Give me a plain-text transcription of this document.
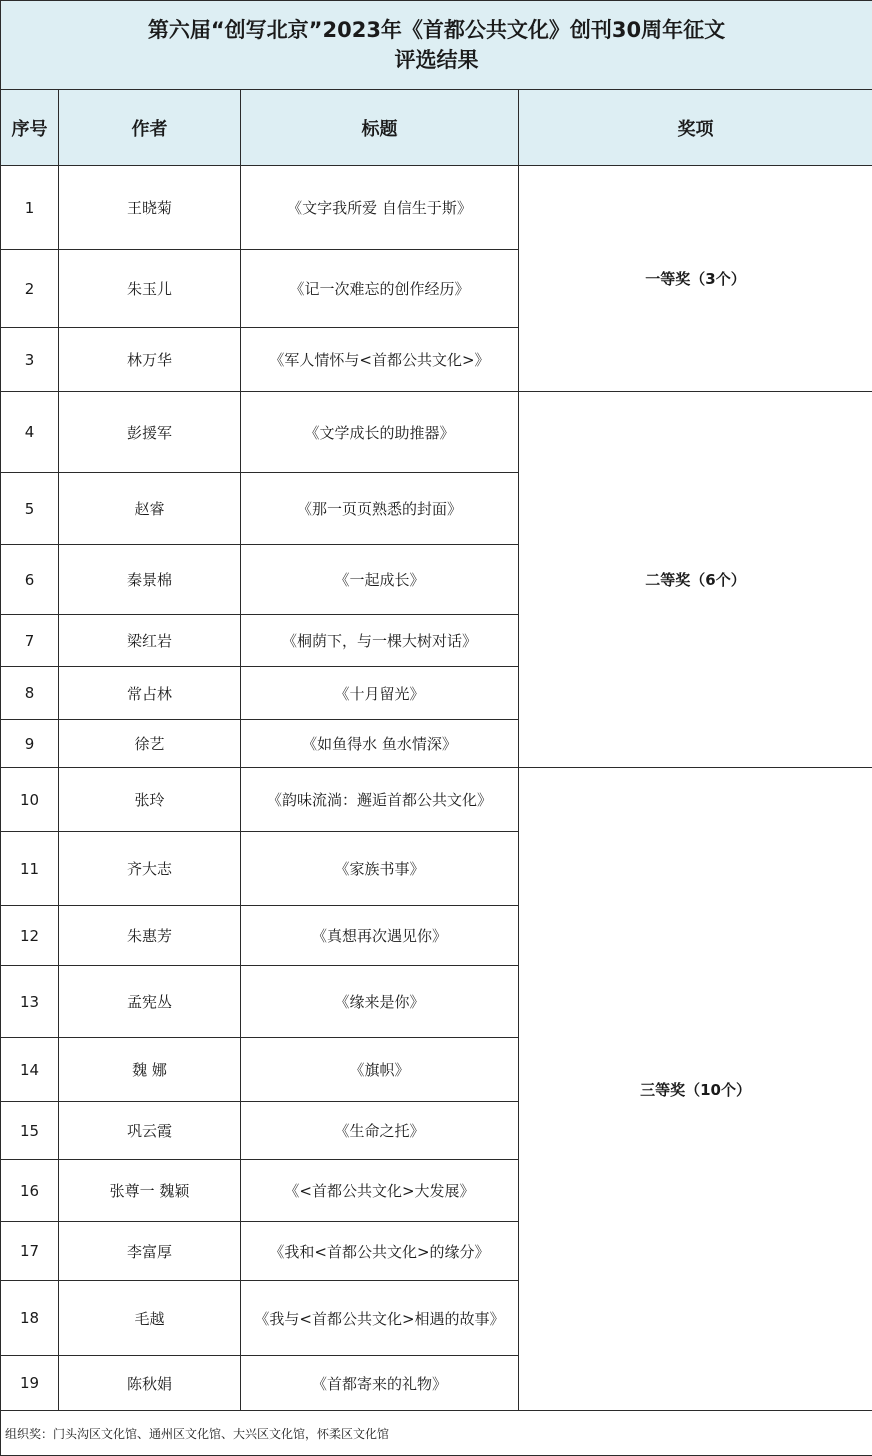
第六届“创写北京”2023年《首都公共文化》创刊30周年征文
评选结果			

序号	作者	标题	奖项
1	王晓菊	《文字我所爱 自信生于斯》	一等奖（3个）
2	朱玉儿	《记一次难忘的创作经历》	
3	林万华	《军人情怀与<首都公共文化>》	
4	彭援军	《文学成长的助推器》	二等奖（6个）
5	赵睿	《那一页页熟悉的封面》	
6	秦景棉	《一起成长》	
7	梁红岩	《桐荫下，与一棵大树对话》	
8	常占林	《十月留光》	
9	徐艺	《如鱼得水 鱼水情深》	
10	张玲	《韵味流淌：邂逅首都公共文化》	三等奖（10个）
11	齐大志	《家族书事》	
12	朱惠芳	《真想再次遇见你》	
13	孟宪丛	《缘来是你》	
14	魏 娜	《旗帜》	
15	巩云霞	《生命之托》	
16	张尊一 魏颖	《<首都公共文化>大发展》	
17	李富厚	《我和<首都公共文化>的缘分》	
18	毛越	《我与<首都公共文化>相遇的故事》	
19	陈秋娟	《首都寄来的礼物》	
组织奖：门头沟区文化馆、通州区文化馆、大兴区文化馆，怀柔区文化馆			
